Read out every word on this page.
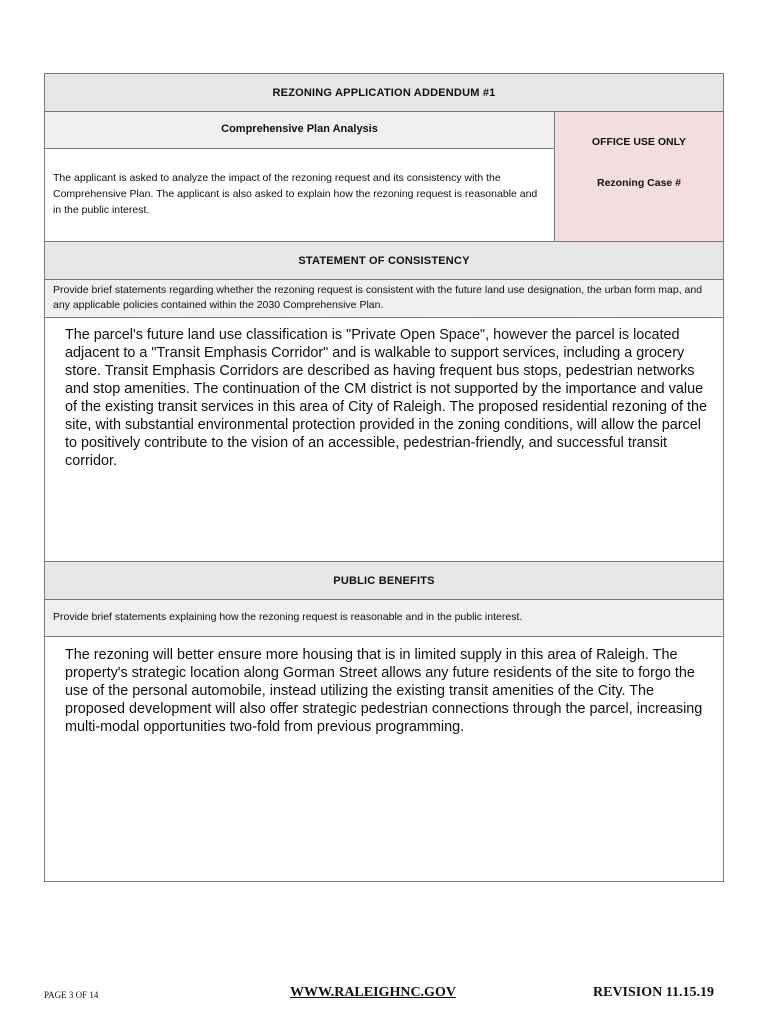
REZONING APPLICATION ADDENDUM #1
Comprehensive Plan Analysis
The applicant is asked to analyze the impact of the rezoning request and its consistency with the Comprehensive Plan. The applicant is also asked to explain how the rezoning request is reasonable and in the public interest.
OFFICE USE ONLY
Rezoning Case #
STATEMENT OF CONSISTENCY
Provide brief statements regarding whether the rezoning request is consistent with the future land use designation, the urban form map, and any applicable policies contained within the 2030 Comprehensive Plan.

The parcel's future land use classification is "Private Open Space", however the parcel is located adjacent to a "Transit Emphasis Corridor" and is walkable to support services, including a grocery store. Transit Emphasis Corridors are described as having frequent bus stops, pedestrian networks and stop amenities. The continuation of the CM district is not supported by the importance and value of the existing transit services in this area of City of Raleigh. The proposed residential rezoning of the site, with substantial environmental protection provided in the zoning conditions, will allow the parcel to positively contribute to the vision of an accessible, pedestrian-friendly, and successful transit corridor.

PUBLIC BENEFITS
Provide brief statements explaining how the rezoning request is reasonable and in the public interest.

The rezoning will better ensure more housing that is in limited supply in this area of Raleigh. The property's strategic location along Gorman Street allows any future residents of the site to forgo the use of the personal automobile, instead utilizing the existing transit amenities of the City. The proposed development will also offer strategic pedestrian connections through the parcel, increasing multi-modal opportunities two-fold from previous programming.

PAGE 3 OF 14	WWW.RALEIGHNC.GOV	REVISION 11.15.19
